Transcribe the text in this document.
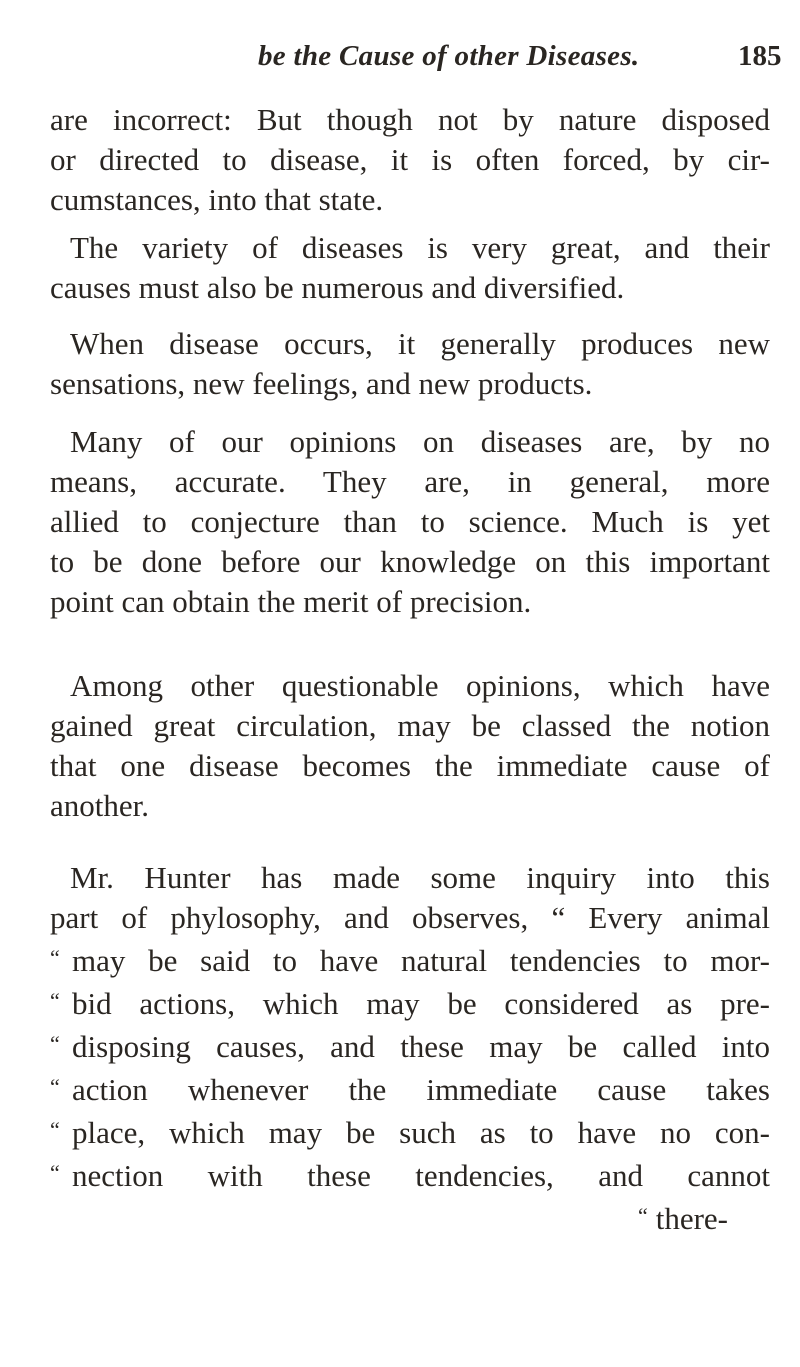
be the Cause of other Diseases.	185
are incorrect: But though not by nature disposed
or directed to disease, it is often forced, by cir-
cumstances, into that state.
The variety of diseases is very great, and their
causes must also be numerous and diversified.
When disease occurs, it generally produces new
sensations, new feelings, and new products.
Many of our opinions on diseases are, by no
means, accurate. They are, in general, more
allied to conjecture than to science. Much is yet
to be done before our knowledge on this important
point can obtain the merit of precision.
Among other questionable opinions, which have
gained great circulation, may be classed the notion
that one disease becomes the immediate cause of
another.
Mr. Hunter has made some inquiry into this
part of phylosophy, and observes, “ Every animal
“ may be said to have natural tendencies to mor-
“ bid actions, which may be considered as pre-
“ disposing causes, and these may be called into
“ action whenever the immediate cause takes
“ place, which may be such as to have no con-
“ nection with these tendencies, and cannot
“ there-
